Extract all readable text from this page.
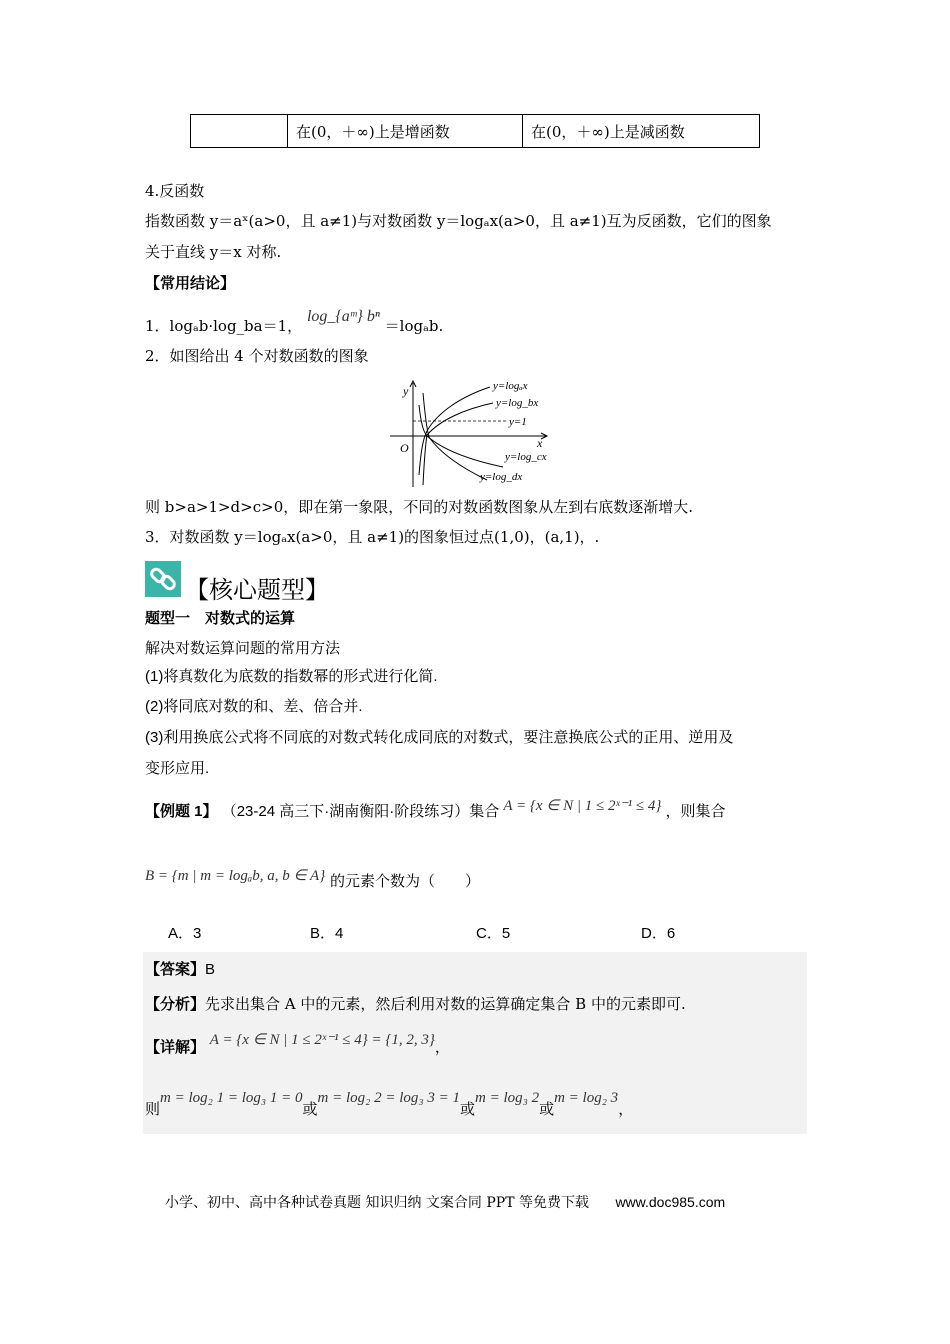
	在(0，＋∞)上是增函数	在(0，＋∞)上是减函数
4.反函数
指数函数 y＝aˣ(a>0，且 a≠1)与对数函数 y＝logₐx(a>0，且 a≠1)互为反函数，它们的图象
关于直线 y＝x 对称.
【常用结论】
1．logₐb·log_ba＝1， log_{aᵐ} bⁿ ＝logₐb.
2．如图给出 4 个对数函数的图象
y
x
O
y=logₐx
y=log_bx
y=1
y=log_cx
y=log_dx
则 b>a>1>d>c>0，即在第一象限，不同的对数函数图象从左到右底数逐渐增大.
3．对数函数 y＝logₐx(a>0，且 a≠1)的图象恒过点(1,0)，(a,1)，.
【核心题型】
题型一　对数式的运算
解决对数运算问题的常用方法
(1)将真数化为底数的指数幂的形式进行化简.
(2)将同底对数的和、差、倍合并.
(3)利用换底公式将不同底的对数式转化成同底的对数式，要注意换底公式的正用、逆用及
变形应用.
【例题 1】 （23-24 高三下·湖南衡阳·阶段练习）集合 A = {x ∈ N | 1 ≤ 2ˣ⁻¹ ≤ 4} ，则集合
B = {m | m = logₐb, a, b ∈ A} 的元素个数为（　　）
A．3	B．4	C．5	D．6
【答案】B
【分析】先求出集合 A 中的元素，然后利用对数的运算确定集合 B 中的元素即可.
【详解】 A = {x ∈ N | 1 ≤ 2ˣ⁻¹ ≤ 4} = {1, 2, 3}，
则m = log₂ 1 = log₃ 1 = 0或m = log₂ 2 = log₃ 3 = 1或m = log₃ 2或m = log₂ 3，
小学、初中、高中各种试卷真题 知识归纳 文案合同 PPT 等免费下载 www.doc985.com
